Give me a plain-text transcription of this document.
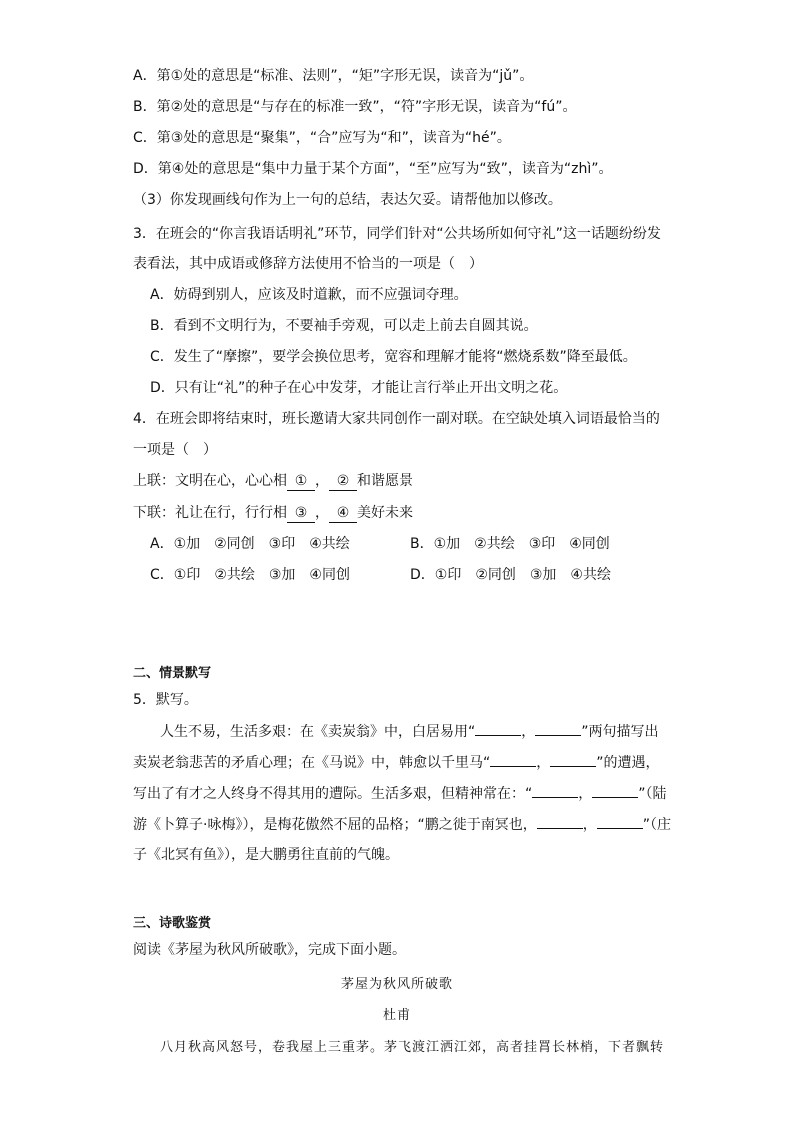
A．第①处的意思是“标准、法则”，“矩”字形无误，读音为“jǔ”。
B．第②处的意思是“与存在的标准一致”，“符”字形无误，读音为“fú”。
C．第③处的意思是“聚集”，“合”应写为“和”，读音为“hé”。
D．第④处的意思是“集中力量于某个方面”，“至”应写为“致”，读音为“zhì”。
（3）你发现画线句作为上一句的总结，表达欠妥。请帮他加以修改。
3．在班会的“你言我语话明礼”环节，同学们针对“公共场所如何守礼”这一话题纷纷发
表看法，其中成语或修辞方法使用不恰当的一项是（　）
A．妨碍到别人，应该及时道歉，而不应强词夺理。
B．看到不文明行为，不要袖手旁观，可以走上前去自圆其说。
C．发生了“摩擦”，要学会换位思考，宽容和理解才能将“燃烧系数”降至最低。
D．只有让“礼”的种子在心中发芽，才能让言行举止开出文明之花。
4．在班会即将结束时，班长邀请大家共同创作一副对联。在空缺处填入词语最恰当的
一项是（　）
上联：文明在心，心心相 ① ， ② 和谐愿景
下联：礼让在行，行行相 ③ ， ④ 美好未来
A．①加　②同创　③印　④共绘	B．①加　②共绘　③印　④同创
C．①印　②共绘　③加　④同创	D．①印　②同创　③加　④共绘
二、情景默写
5．默写。
人生不易，生活多艰：在《卖炭翁》中，白居易用“	，	”两句描写出
卖炭老翁悲苦的矛盾心理；在《马说》中，韩愈以千里马“	，	”的遭遇，
写出了有才之人终身不得其用的遭际。生活多艰，但精神常在：“	，	”（陆
游《卜算子·咏梅》），是梅花傲然不屈的品格；“鹏之徙于南冥也，	，	”（庄
子《北冥有鱼》），是大鹏勇往直前的气魄。
三、诗歌鉴赏
阅读《茅屋为秋风所破歌》，完成下面小题。
茅屋为秋风所破歌
杜甫
八月秋高风怒号，卷我屋上三重茅。茅飞渡江洒江郊，高者挂罥长林梢，下者飘转
